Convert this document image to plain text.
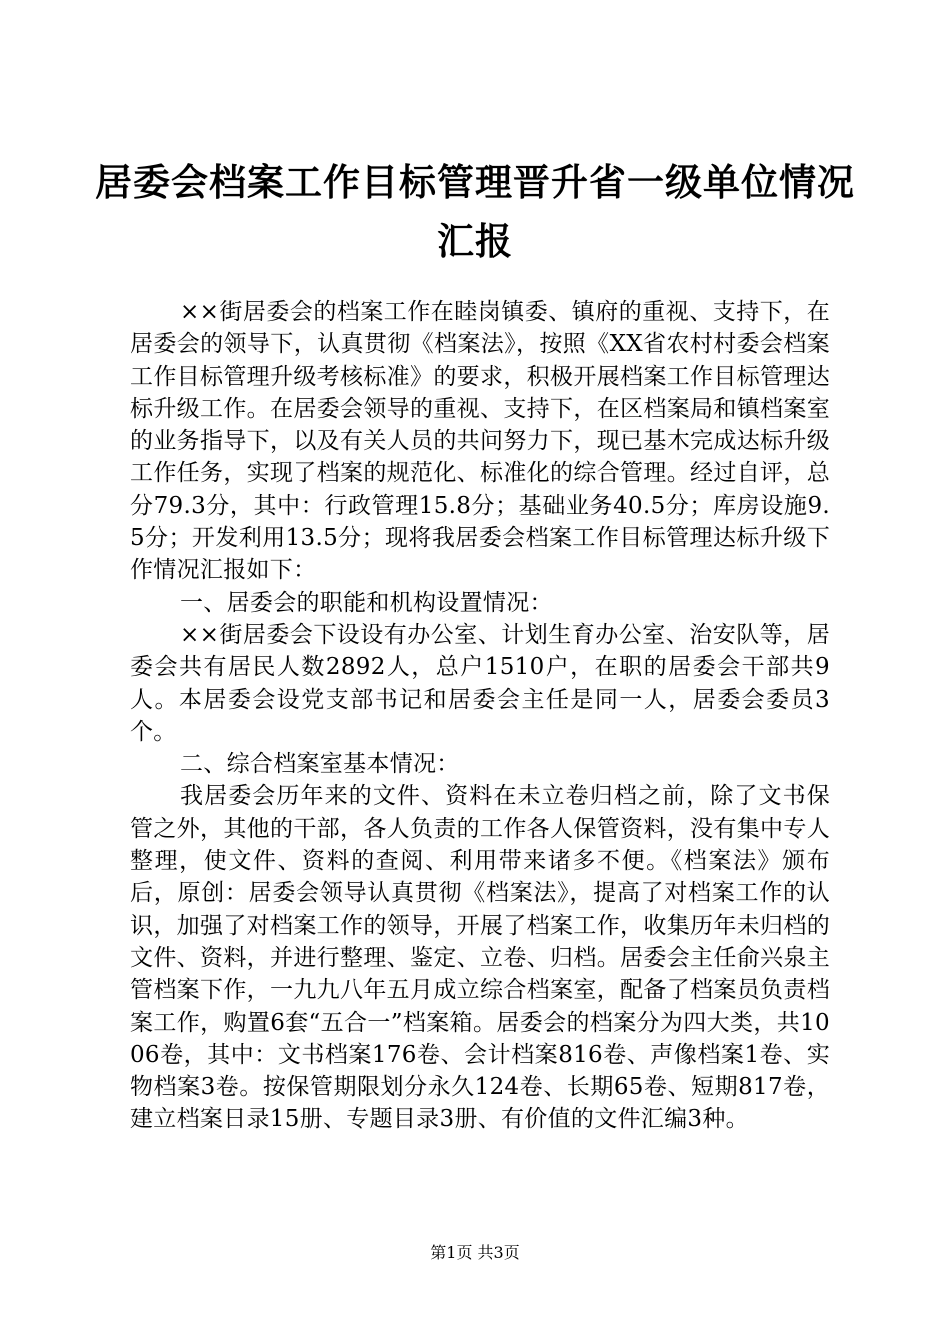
居委会档案工作目标管理晋升省一级单位情况
汇报

××街居委会的档案工作在睦岗镇委、镇府的重视、支持下，在居委会的领导下，认真贯彻《档案法》，按照《XX省农村村委会档案工作目标管理升级考核标准》的要求，积极开展档案工作目标管理达标升级工作。在居委会领导的重视、支持下，在区档案局和镇档案室的业务指导下，以及有关人员的共问努力下，现已基木完成达标升级工作任务，实现了档案的规范化、标准化的综合管理。经过自评，总分79.3分，其中：行政管理15.8分；基础业务40.5分；库房设施9.5分；开发利用13.5分；现将我居委会档案工作目标管理达标升级下作情况汇报如下：

一、居委会的职能和机构设置情况：

××街居委会下设设有办公室、计划生育办公室、治安队等，居委会共有居民人数2892人，总户1510户，在职的居委会干部共9人。本居委会设党支部书记和居委会主任是同一人，居委会委员3个。

二、综合档案室基本情况：

我居委会历年来的文件、资料在未立卷归档之前，除了文书保管之外，其他的干部，各人负责的工作各人保管资料，没有集中专人整理，使文件、资料的查阅、利用带来诸多不便。《档案法》颁布后，原创：居委会领导认真贯彻《档案法》，提高了对档案工作的认识，加强了对档案工作的领导，开展了档案工作，收集历年未归档的文件、资料，并进行整理、鉴定、立卷、归档。居委会主任俞兴泉主管档案下作，一九九八年五月成立综合档案室，配备了档案员负责档案工作，购置6套“五合一”档案箱。居委会的档案分为四大类，共1006卷，其中：文书档案176卷、会计档案816卷、声像档案1卷、实物档案3卷。按保管期限划分永久124卷、长期65卷、短期817卷，建立档案日录15册、专题目录3册、有价值的文件汇编3种。

第1页 共3页
